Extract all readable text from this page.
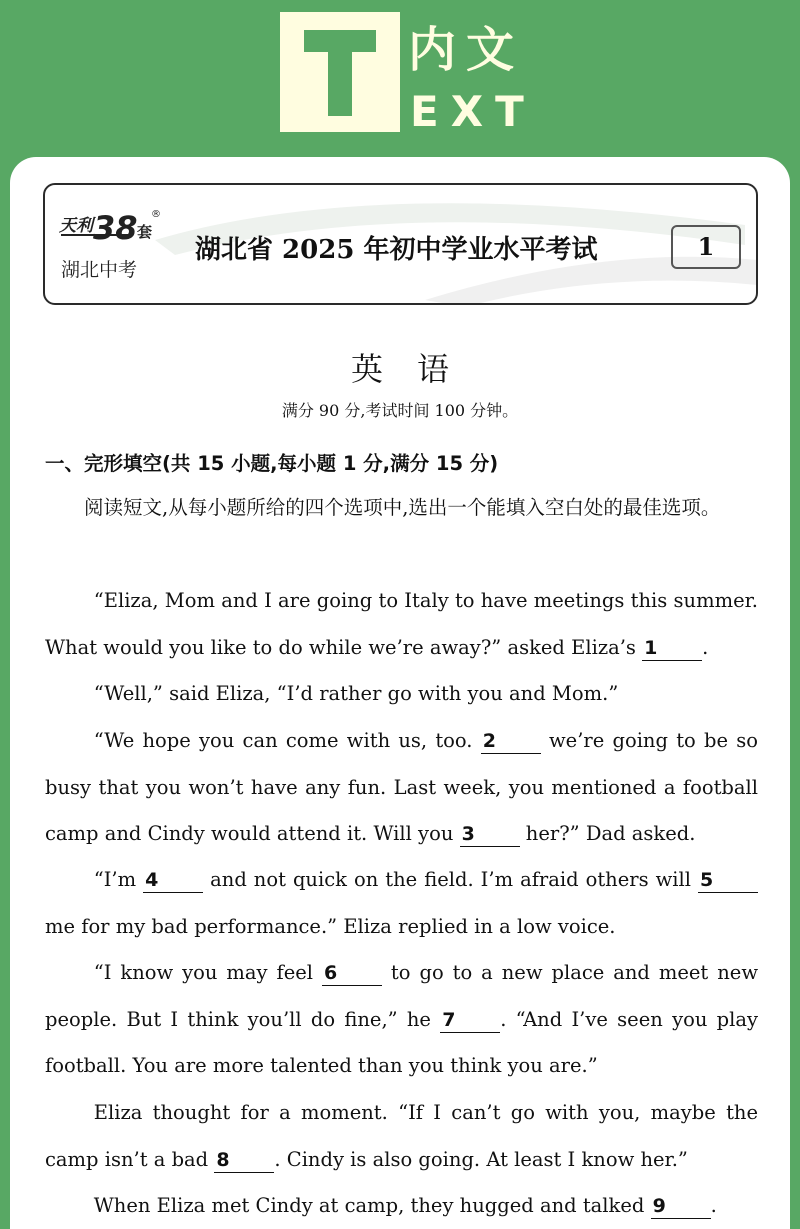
内文
EXT
天利 38 套
®
湖北中考
湖北省 2025 年初中学业水平考试	1
英语
满分 90 分,考试时间 100 分钟。
一、完形填空(共 15 小题,每小题 1 分,满分 15 分)
阅读短文,从每小题所给的四个选项中,选出一个能填入空白处的最佳选项。
“Eliza, Mom and I are going to Italy to have meetings this summer. What would you like to do while we’re away?” asked Eliza’s 1 .
“Well,” said Eliza, “I’d rather go with you and Mom.”
“We hope you can come with us, too. 2 we’re going to be so busy that you won’t have any fun. Last week, you mentioned a football camp and Cindy would attend it. Will you 3 her?” Dad asked.
“I’m 4 and not quick on the field. I’m afraid others will 5 me for my bad performance.” Eliza replied in a low voice.
“I know you may feel 6 to go to a new place and meet new people. But I think you’ll do fine,” he 7 . “And I’ve seen you play football. You are more talented than you think you are.”
Eliza thought for a moment. “If I can’t go with you, maybe the camp isn’t a bad 8 . Cindy is also going. At least I know her.”
When Eliza met Cindy at camp, they hugged and talked 9 .
